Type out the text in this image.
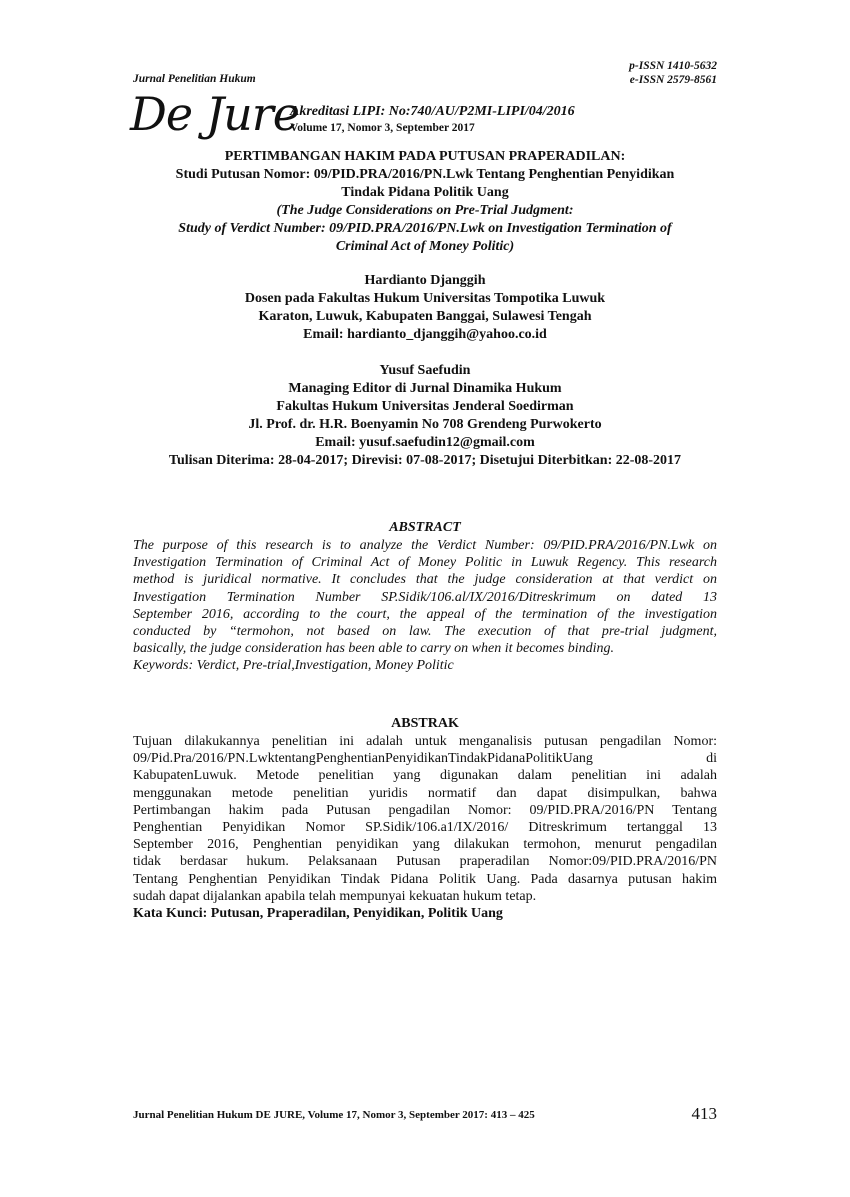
p-ISSN 1410-5632
e-ISSN 2579-8561
Jurnal Penelitian Hukum
De Jure
Akreditasi LIPI: No:740/AU/P2MI-LIPI/04/2016
Volume 17, Nomor 3, September 2017
PERTIMBANGAN HAKIM PADA PUTUSAN PRAPERADILAN:
Studi Putusan Nomor: 09/PID.PRA/2016/PN.Lwk Tentang Penghentian Penyidikan
Tindak Pidana Politik Uang
(The Judge Considerations on Pre-Trial Judgment:
Study of Verdict Number: 09/PID.PRA/2016/PN.Lwk on Investigation Termination of
Criminal Act of Money Politic)
Hardianto Djanggih
Dosen pada Fakultas Hukum Universitas Tompotika Luwuk
Karaton, Luwuk, Kabupaten Banggai, Sulawesi Tengah
Email: hardianto_djanggih@yahoo.co.id
Yusuf Saefudin
Managing Editor di Jurnal Dinamika Hukum
Fakultas Hukum Universitas Jenderal Soedirman
Jl. Prof. dr. H.R. Boenyamin No 708 Grendeng Purwokerto
Email: yusuf.saefudin12@gmail.com
Tulisan Diterima: 28-04-2017; Direvisi: 07-08-2017; Disetujui Diterbitkan: 22-08-2017
ABSTRACT
The purpose of this research is to analyze the Verdict Number: 09/PID.PRA/2016/PN.Lwk on
Investigation Termination of Criminal Act of Money Politic in Luwuk Regency. This research
method is juridical normative. It concludes that the judge consideration at that verdict on
Investigation Termination Number SP.Sidik/106.al/IX/2016/Ditreskrimum on dated 13
September 2016, according to the court, the appeal of the termination of the investigation
conducted by “termohon, not based on law. The execution of that pre-trial judgment,
basically, the judge consideration has been able to carry on when it becomes binding.
Keywords: Verdict, Pre-trial,Investigation, Money Politic
ABSTRAK
Tujuan dilakukannya penelitian ini adalah untuk menganalisis putusan pengadilan Nomor:
09/Pid.Pra/2016/PN.LwktentangPenghentianPenyidikanTindakPidanaPolitikUang di
KabupatenLuwuk. Metode penelitian yang digunakan dalam penelitian ini adalah
menggunakan metode penelitian yuridis normatif dan dapat disimpulkan, bahwa
Pertimbangan hakim pada Putusan pengadilan Nomor: 09/PID.PRA/2016/PN Tentang
Penghentian Penyidikan Nomor SP.Sidik/106.a1/IX/2016/ Ditreskrimum tertanggal 13
September 2016, Penghentian penyidikan yang dilakukan termohon, menurut pengadilan
tidak berdasar hukum. Pelaksanaan Putusan praperadilan Nomor:09/PID.PRA/2016/PN
Tentang Penghentian Penyidikan Tindak Pidana Politik Uang. Pada dasarnya putusan hakim
sudah dapat dijalankan apabila telah mempunyai kekuatan hukum tetap.
Kata Kunci: Putusan, Praperadilan, Penyidikan, Politik Uang
Jurnal Penelitian Hukum DE JURE, Volume 17, Nomor 3, September 2017: 413 – 425	413
